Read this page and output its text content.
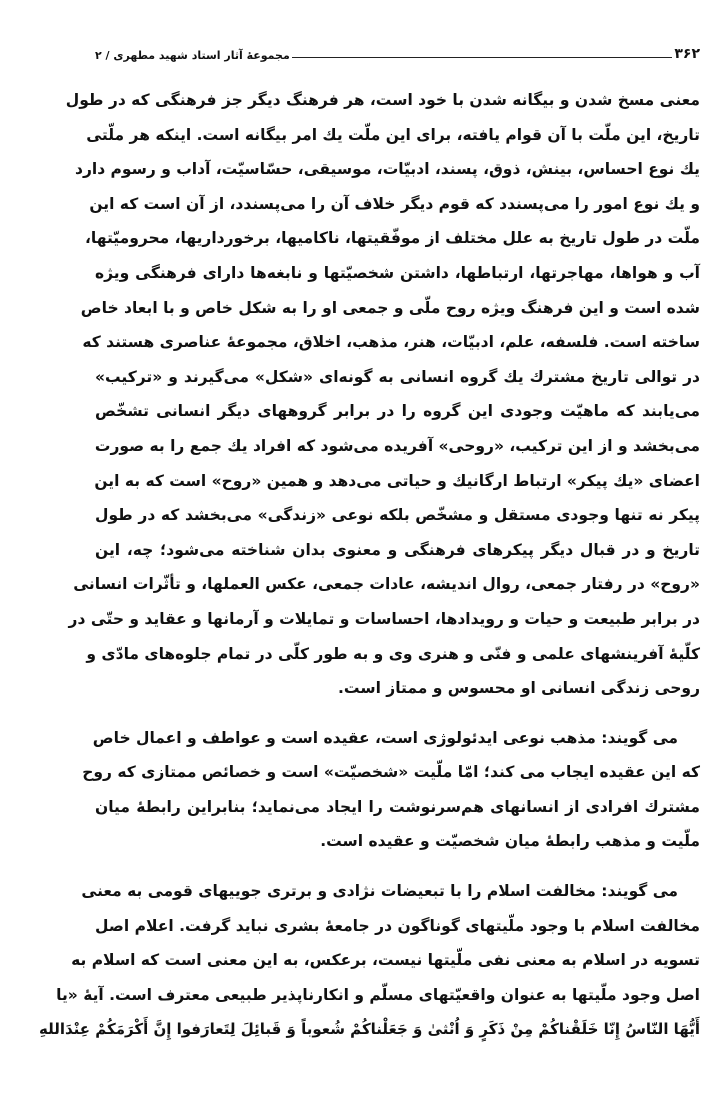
۳۶۲
مجموعهٔ آثار استاد شهید مطهری / ۲
معنی مسخ شدن و بیگانه شدن با خود است، هر فرهنگ دیگر جز فرهنگی که در طول
تاریخ، این ملّت با آن قوام یافته، برای این ملّت یك امر بیگانه است. اینکه هر ملّتی
یك نوع احساس، بینش، ذوق، پسند، ادبیّات، موسیقی، حسّاسیّت، آداب و رسوم دارد
و یك نوع امور را می‌پسندد که قوم دیگر خلاف آن را می‌پسندد، از آن است که این
ملّت در طول تاریخ به علل مختلف از موفّقیتها، ناکامیها، برخورداریها، محرومیّتها،
آب و هواها، مهاجرتها، ارتباطها، داشتن شخصیّتها و نابغه‌ها دارای فرهنگی ویژه
شده است و این فرهنگ ویژه روح ملّی و جمعی او را به شکل خاص و با ابعاد خاص
ساخته است. فلسفه، علم، ادبیّات، هنر، مذهب، اخلاق، مجموعهٔ عناصری هستند که
در توالی تاریخ مشترك یك گروه انسانی به گونه‌ای «شکل» می‌گیرند و «ترکیب»
می‌یابند که ماهیّت وجودی این گروه را در برابر گروههای دیگر انسانی تشخّص
می‌بخشد و از این ترکیب، «روحی» آفریده می‌شود که افراد یك جمع را به صورت
اعضای «یك پیکر» ارتباط ارگانیك و حیاتی می‌دهد و همین «روح» است که به این
پیکر نه تنها وجودی مستقل و مشخّص بلکه نوعی «زندگی» می‌بخشد که در طول
تاریخ و در قبال دیگر پیکرهای فرهنگی و معنوی بدان شناخته می‌شود؛ چه، این
«روح» در رفتار جمعی، روال اندیشه، عادات جمعی، عکس العملها، و تأثّرات انسانی
در برابر طبیعت و حیات و رویدادها، احساسات و تمایلات و آرمانها و عقاید و حتّی در
کلّیهٔ آفرینشهای علمی و فنّی و هنری وی و به طور کلّی در تمام جلوه‌های مادّی و
روحی زندگی انسانی او محسوس و ممتاز است.
می گویند: مذهب نوعی ایدئولوژی است، عقیده است و عواطف و اعمال خاص
که این عقیده ایجاب می کند؛ امّا ملّیت «شخصیّت» است و خصائص ممتازی که روح
مشترك افرادی از انسانهای هم‌سرنوشت را ایجاد می‌نماید؛ بنابراین رابطهٔ میان
ملّیت و مذهب رابطهٔ میان شخصیّت و عقیده است.
می گویند: مخالفت اسلام را با تبعیضات نژادی و برتری جوییهای قومی به معنی
مخالفت اسلام با وجود ملّیتهای گوناگون در جامعهٔ بشری نباید گرفت. اعلام اصل
تسویه در اسلام به معنی نفی ملّیتها نیست، برعکس، به این معنی است که اسلام به
اصل وجود ملّیتها به عنوان واقعیّتهای مسلّم و انکارناپذیر طبیعی معترف است. آیهٔ «یا
أَیُّهَا النّاسُ إِنّا خَلَقْناکُمْ مِنْ ذَکَرٍ وَ اُنْثیٰ وَ جَعَلْناکُمْ شُعوباً وَ قَبائِلَ لِتَعارَفوا إِنَّ أَکْرَمَکُمْ عِنْدَاللهِ
